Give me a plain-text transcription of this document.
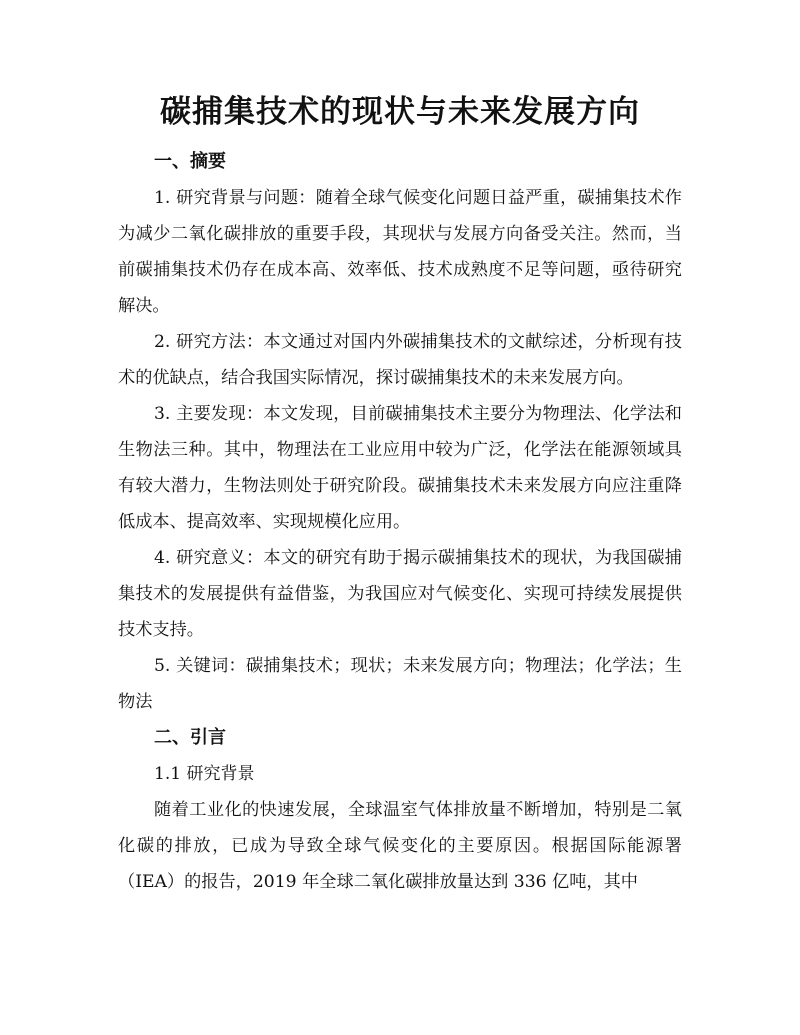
碳捕集技术的现状与未来发展方向
一、摘要

1. 研究背景与问题：随着全球气候变化问题日益严重，碳捕集技术作为减少二氧化碳排放的重要手段，其现状与发展方向备受关注。然而，当前碳捕集技术仍存在成本高、效率低、技术成熟度不足等问题，亟待研究解决。

2. 研究方法：本文通过对国内外碳捕集技术的文献综述，分析现有技术的优缺点，结合我国实际情况，探讨碳捕集技术的未来发展方向。

3. 主要发现：本文发现，目前碳捕集技术主要分为物理法、化学法和生物法三种。其中，物理法在工业应用中较为广泛，化学法在能源领域具有较大潜力，生物法则处于研究阶段。碳捕集技术未来发展方向应注重降低成本、提高效率、实现规模化应用。

4. 研究意义：本文的研究有助于揭示碳捕集技术的现状，为我国碳捕集技术的发展提供有益借鉴，为我国应对气候变化、实现可持续发展提供技术支持。

5. 关键词：碳捕集技术；现状；未来发展方向；物理法；化学法；生物法

二、引言
1.1 研究背景

随着工业化的快速发展，全球温室气体排放量不断增加，特别是二氧化碳的排放，已成为导致全球气候变化的主要原因。根据国际能源署（IEA）的报告，2019 年全球二氧化碳排放量达到 336 亿吨，其中
